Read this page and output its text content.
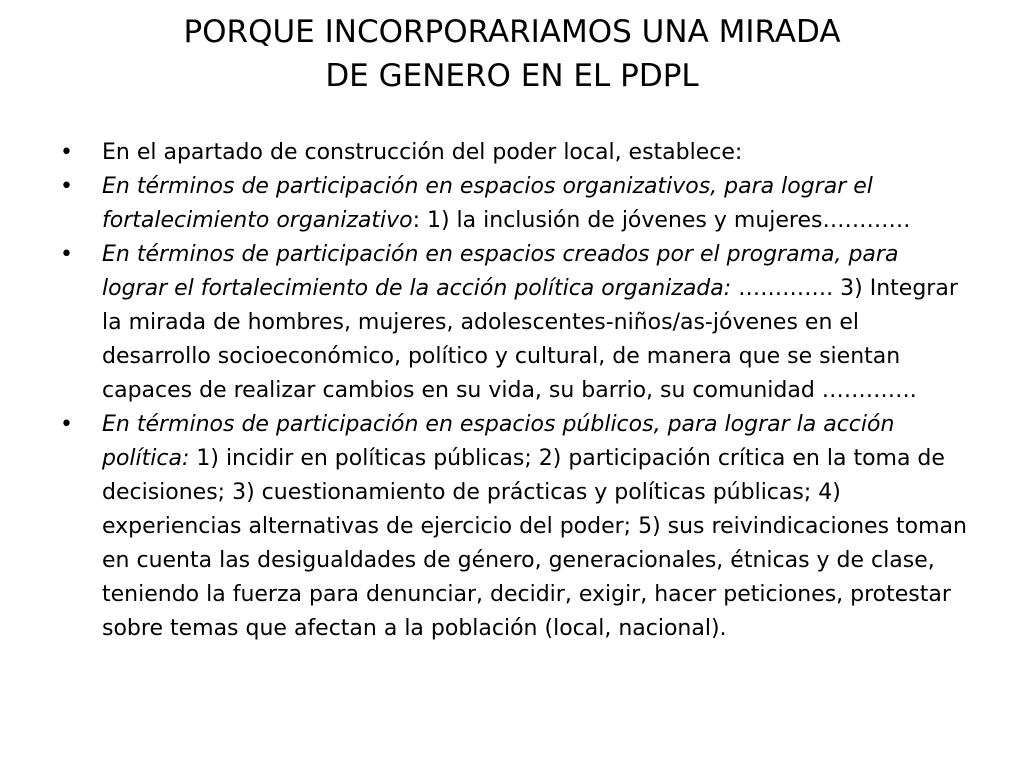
PORQUE INCORPORARIAMOS UNA MIRADA
DE GENERO EN EL PDPL
• En el apartado de construcción del poder local, establece:
• En términos de participación en espacios organizativos, para lograr el fortalecimiento organizativo: 1) la inclusión de jóvenes y mujeres…………
• En términos de participación en espacios creados por el programa, para lograr el fortalecimiento de la acción política organizada: …………. 3) Integrar la mirada de hombres, mujeres, adolescentes-niños/as-jóvenes en el desarrollo socioeconómico, político y cultural, de manera que se sientan capaces de realizar cambios en su vida, su barrio, su comunidad ………….
• En términos de participación en espacios públicos, para lograr la acción política: 1) incidir en políticas públicas; 2) participación crítica en la toma de decisiones; 3) cuestionamiento de prácticas y políticas públicas; 4) experiencias alternativas de ejercicio del poder; 5) sus reivindicaciones toman en cuenta las desigualdades de género, generacionales, étnicas y de clase, teniendo la fuerza para denunciar, decidir, exigir, hacer peticiones, protestar sobre temas que afectan a la población (local, nacional).
